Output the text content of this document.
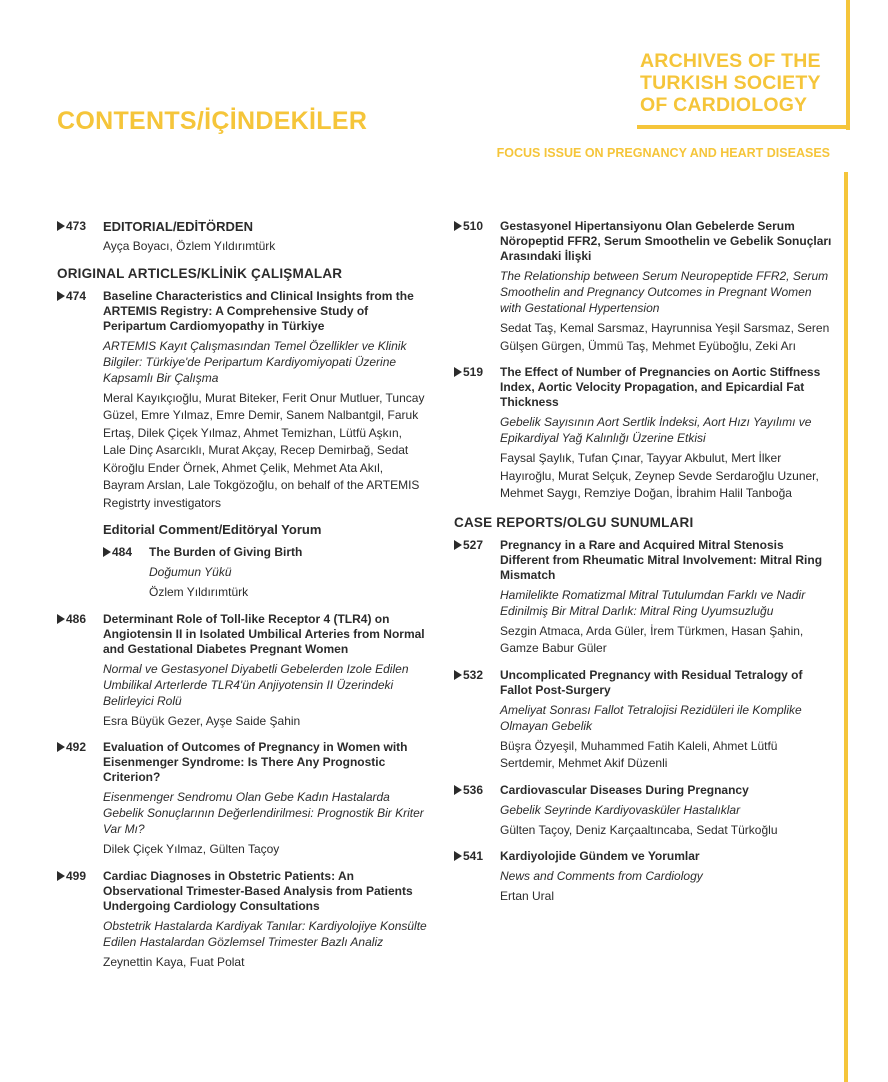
ARCHIVES OF THE
TURKISH SOCIETY
OF CARDIOLOGY
CONTENTS/İÇİNDEKİLER
FOCUS ISSUE ON PREGNANCY AND HEART DISEASES
473 EDITORIAL/EDİTÖRDEN

Ayça Boyacı, Özlem Yıldırımtürk

ORIGINAL ARTICLES/KLİNİK ÇALIŞMALAR
474 Baseline Characteristics and Clinical Insights from the ARTEMIS Registry: A Comprehensive Study of Peripartum Cardiomyopathy in Türkiye

ARTEMIS Kayıt Çalışmasından Temel Özellikler ve Klinik Bilgiler: Türkiye'de Peripartum Kardiyomiyopati Üzerine Kapsamlı Bir Çalışma

Meral Kayıkçıoğlu, Murat Biteker, Ferit Onur Mutluer, Tuncay Güzel, Emre Yılmaz, Emre Demir, Sanem Nalbantgil, Faruk Ertaş, Dilek Çiçek Yılmaz, Ahmet Temizhan, Lütfü Aşkın, Lale Dinç Asarcıklı, Murat Akçay, Recep Demirbağ, Sedat Köroğlu Ender Örnek, Ahmet Çelik, Mehmet Ata Akıl, Bayram Arslan, Lale Tokgözoğlu, on behalf of the ARTEMIS Registrty investigators

Editorial Comment/Editöryal Yorum
484 The Burden of Giving Birth

Doğumun Yükü

Özlem Yıldırımtürk

486 Determinant Role of Toll-like Receptor 4 (TLR4) on Angiotensin II in Isolated Umbilical Arteries from Normal and Gestational Diabetes Pregnant Women

Normal ve Gestasyonel Diyabetli Gebelerden Izole Edilen Umbilikal Arterlerde TLR4'ün Anjiyotensin II Üzerindeki Belirleyici Rolü

Esra Büyük Gezer, Ayşe Saide Şahin

492 Evaluation of Outcomes of Pregnancy in Women with Eisenmenger Syndrome: Is There Any Prognostic Criterion?

Eisenmenger Sendromu Olan Gebe Kadın Hastalarda Gebelik Sonuçlarının Değerlendirilmesi: Prognostik Bir Kriter Var Mı?

Dilek Çiçek Yılmaz, Gülten Taçoy

499 Cardiac Diagnoses in Obstetric Patients: An Observational Trimester-Based Analysis from Patients Undergoing Cardiology Consultations

Obstetrik Hastalarda Kardiyak Tanılar: Kardiyolojiye Konsülte Edilen Hastalardan Gözlemsel Trimester Bazlı Analiz

Zeynettin Kaya, Fuat Polat

510 Gestasyonel Hipertansiyonu Olan Gebelerde Serum Nöropeptid FFR2, Serum Smoothelin ve Gebelik Sonuçları Arasındaki İlişki

The Relationship between Serum Neuropeptide FFR2, Serum Smoothelin and Pregnancy Outcomes in Pregnant Women with Gestational Hypertension

Sedat Taş, Kemal Sarsmaz, Hayrunnisa Yeşil Sarsmaz, Seren Gülşen Gürgen, Ümmü Taş, Mehmet Eyüboğlu, Zeki Arı

519 The Effect of Number of Pregnancies on Aortic Stiffness Index, Aortic Velocity Propagation, and Epicardial Fat Thickness

Gebelik Sayısının Aort Sertlik İndeksi, Aort Hızı Yayılımı ve Epikardiyal Yağ Kalınlığı Üzerine Etkisi

Faysal Şaylık, Tufan Çınar, Tayyar Akbulut, Mert İlker Hayıroğlu, Murat Selçuk, Zeynep Sevde Serdaroğlu Uzuner, Mehmet Saygı, Remziye Doğan, İbrahim Halil Tanboğa

CASE REPORTS/OLGU SUNUMLARI
527 Pregnancy in a Rare and Acquired Mitral Stenosis Different from Rheumatic Mitral Involvement: Mitral Ring Mismatch

Hamilelikte Romatizmal Mitral Tutulumdan Farklı ve Nadir Edinilmiş Bir Mitral Darlık: Mitral Ring Uyumsuzluğu

Sezgin Atmaca, Arda Güler, İrem Türkmen, Hasan Şahin, Gamze Babur Güler

532 Uncomplicated Pregnancy with Residual Tetralogy of Fallot Post-Surgery

Ameliyat Sonrası Fallot Tetralojisi Rezidüleri ile Komplike Olmayan Gebelik

Büşra Özyeşil, Muhammed Fatih Kaleli, Ahmet Lütfü Sertdemir, Mehmet Akif Düzenli

536 Cardiovascular Diseases During Pregnancy

Gebelik Seyrinde Kardiyovasküler Hastalıklar

Gülten Taçoy, Deniz Karçaaltıncaba, Sedat Türkoğlu

541 Kardiyolojide Gündem ve Yorumlar

News and Comments from Cardiology

Ertan Ural
